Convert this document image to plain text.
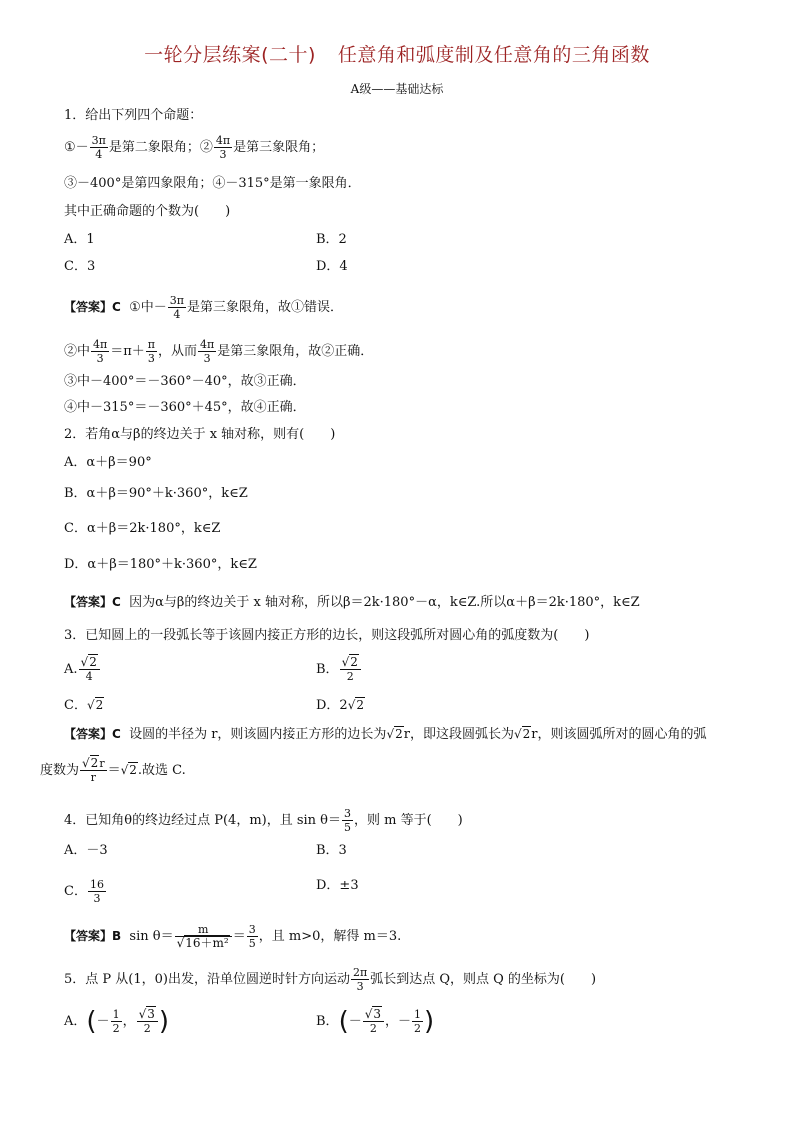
一轮分层练案(二十) 任意角和弧度制及任意角的三角函数
A级——基础达标
1．给出下列四个命题：
①－ $\frac{3\pi}{4}$ 是第二象限角；② $\frac{4\pi}{3}$ 是第三象限角；
③－400°是第四象限角；④－315°是第一象限角．
其中正确命题的个数为(　　)
A．1	B．2
C．3	D．4
【答案】C ①中－ $\frac{3\pi}{4}$ 是第三象限角，故①错误．
②中 $\frac{4\pi}{3} =\pi+ \frac{\pi}{3}$ ，从而 $\frac{4\pi}{3}$ 是第三象限角，故②正确．
③中－400°＝－360°－40°，故③正确．
④中－315°＝－360°＋45°，故④正确．
2．若角α与β的终边关于 x 轴对称，则有(　　)
A．α＋β＝90°
B．α＋β＝90°＋k·360°，k∈Z
C．α＋β＝2k·180°，k∈Z
D．α＋β＝180°＋k·360°，k∈Z
【答案】C 因为α与β的终边关于 x 轴对称，所以β＝2k·180°－α，k∈Z.所以α＋β＝2k·180°，k∈Z
3．已知圆上的一段弧长等于该圆内接正方形的边长，则这段弧所对圆心角的弧度数为(　　)
A. $\frac{√2}{4}$	B． $\frac{√2}{2}$
C．√2	D．2√2
【答案】C 设圆的半径为 r，则该圆内接正方形的边长为√2r，即这段圆弧长为√2r，则该圆弧所对的圆心角的弧
度数为 $\frac{√2r}{r} =√2$.故选 C.
4．已知角θ的终边经过点 P(4，m)，且 $\sin \theta= \frac{3}{5}$ ，则 m 等于(　　)
A．－3	B．3
C． $\frac{16}{3}$	D．±3
【答案】B $\sin \theta= \frac{m}{\text{√16＋m²}} = \frac{3}{5}$ ，且 m>0，解得 m＝3.
5．点 P 从(1，0)出发，沿单位圆逆时针方向运动 $\frac{2\pi}{3}$ 弧长到达点 Q，则点 Q 的坐标为(　　)
A．(－ $\frac{1}{2}$ ， $\frac{√3}{2}$ )	B．(－ $\frac{√3}{2}$ ，－ $\frac{1}{2}$ )
